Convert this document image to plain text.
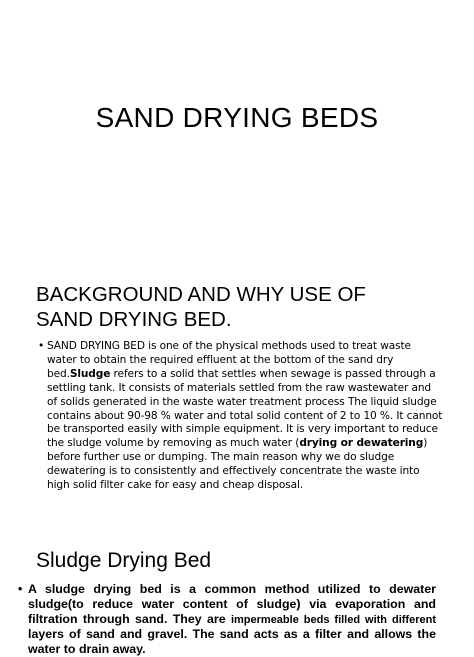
SAND DRYING BEDS
BACKGROUND AND WHY USE OF
SAND DRYING BED.
• SAND DRYING BED is one of the physical methods used to treat waste water to obtain the required effluent at the bottom of the sand dry bed.Sludge refers to a solid that settles when sewage is passed through a settling tank. It consists of materials settled from the raw wastewater and of solids generated in the waste water treatment process The liquid sludge contains about 90-98 % water and total solid content of 2 to 10 %. It cannot be transported easily with simple equipment. It is very important to reduce the sludge volume by removing as much water (drying or dewatering) before further use or dumping. The main reason why we do sludge dewatering is to consistently and effectively concentrate the waste into high solid filter cake for easy and cheap disposal.
Sludge Drying Bed
• A sludge drying bed is a common method utilized to dewater sludge(to reduce water content of sludge) via evaporation and filtration through sand. They are impermeable beds filled with different layers of sand and gravel. The sand acts as a filter and allows the water to drain away.
